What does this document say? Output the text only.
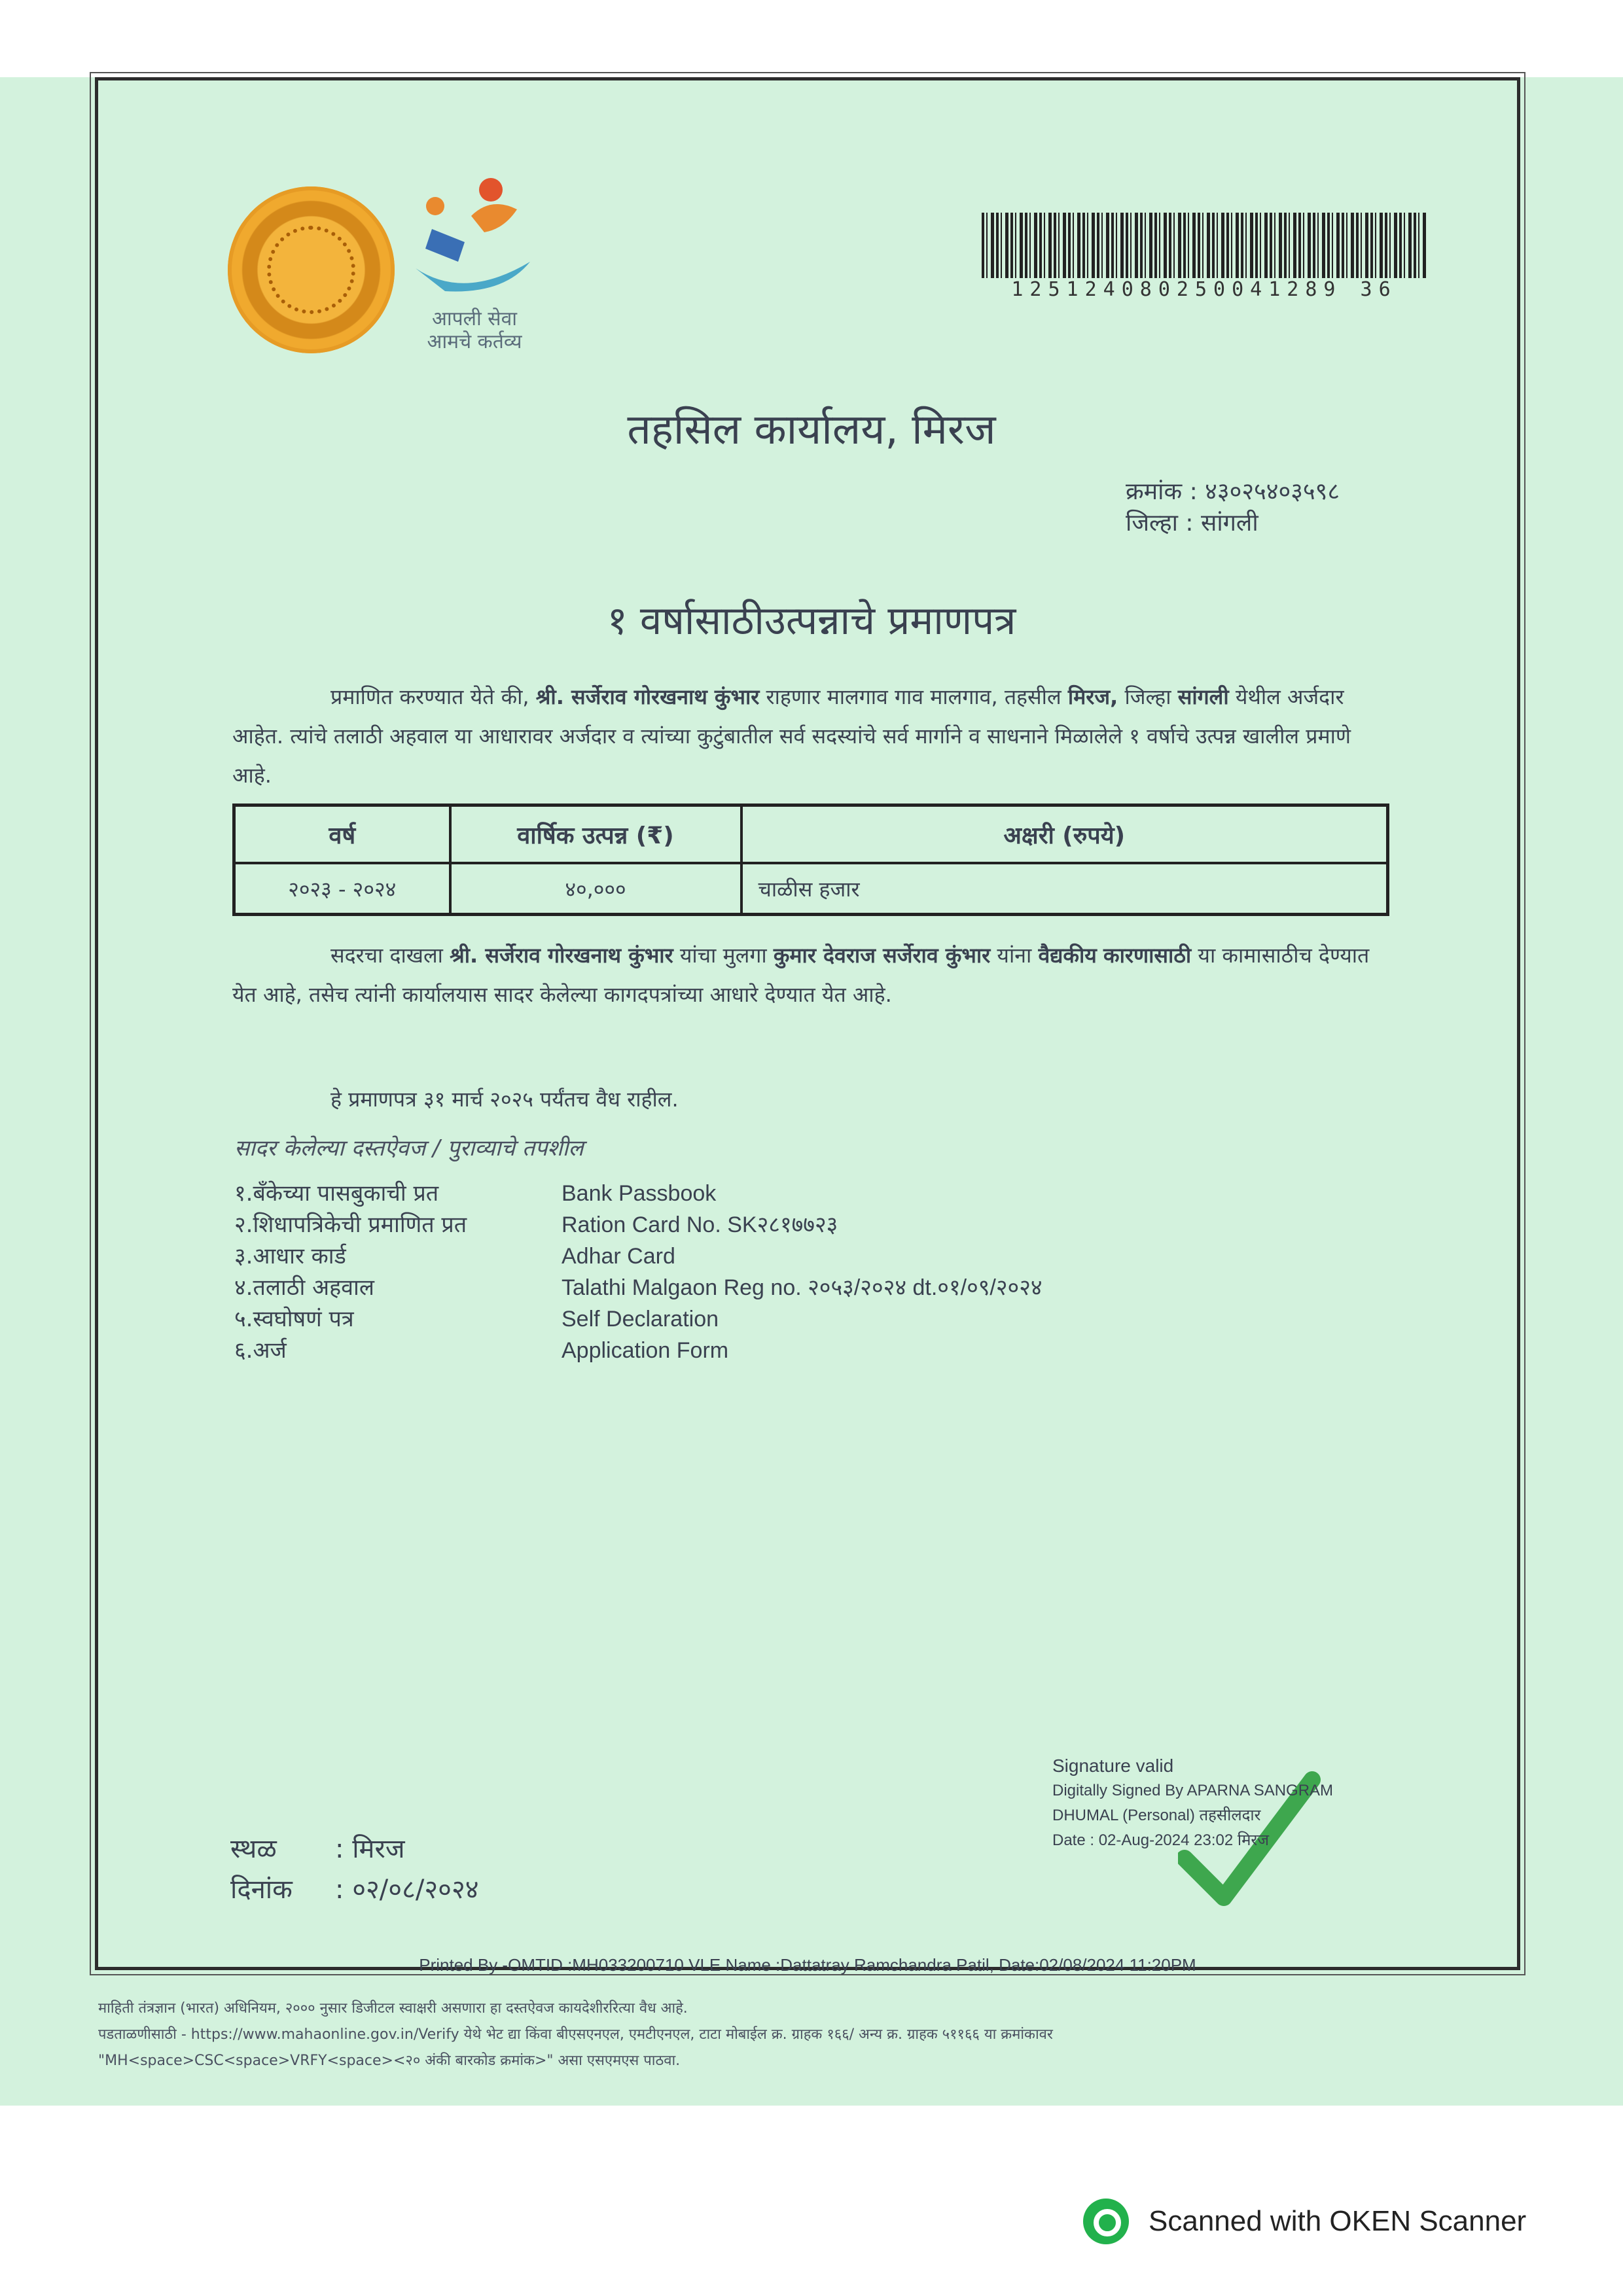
आपली सेवा
आमचे कर्तव्य
125124080250041289 36
तहसिल कार्यालय, मिरज
क्रमांक : ४३०२५४०३५९८
जिल्हा : सांगली
१ वर्षासाठीउत्पन्नाचे प्रमाणपत्र
प्रमाणित करण्यात येते की, श्री. सर्जेराव गोरखनाथ कुंभार राहणार मालगाव गाव मालगाव, तहसील मिरज, जिल्हा सांगली येथील अर्जदार आहेत. त्यांचे तलाठी अहवाल या आधारावर अर्जदार व त्यांच्या कुटुंबातील सर्व सदस्यांचे सर्व मार्गाने व साधनाने मिळालेले १ वर्षाचे उत्पन्न खालील प्रमाणे आहे.
वर्ष	वार्षिक उत्पन्न (₹)	अक्षरी (रुपये)
२०२३ - २०२४	४०,०००	चाळीस हजार
सदरचा दाखला श्री. सर्जेराव गोरखनाथ कुंभार यांचा मुलगा कुमार देवराज सर्जेराव कुंभार यांना वैद्यकीय कारणासाठी या कामासाठीच देण्यात येत आहे, तसेच त्यांनी कार्यालयास सादर केलेल्या कागदपत्रांच्या आधारे देण्यात येत आहे.
हे प्रमाणपत्र ३१ मार्च २०२५ पर्यंतच वैध राहील.
सादर केलेल्या दस्तऐवज / पुराव्याचे तपशील
१.बँकेच्या पासबुकाची प्रत	Bank Passbook
२.शिधापत्रिकेची प्रमाणित प्रत	Ration Card No. SK२८१७७२३
३.आधार कार्ड	Adhar Card
४.तलाठी अहवाल	Talathi Malgaon Reg no. २०५३/२०२४ dt.०१/०९/२०२४
५.स्वघोषणं पत्र	Self Declaration
६.अर्ज	Application Form
स्थळ : मिरज
दिनांक : ०२/०८/२०२४
Signature valid
Digitally Signed By APARNA SANGRAM
DHUMAL (Personal) तहसीलदार
Date : 02-Aug-2024 23:02 मिरज
Printed By -OMTID :MH033200710 VLE Name :Dattatray Ramchandra Patil, Date:02/08/2024 11:20PM
माहिती तंत्रज्ञान (भारत) अधिनियम, २००० नुसार डिजीटल स्वाक्षरी असणारा हा दस्तऐवज कायदेशीररित्या वैध आहे.
पडताळणीसाठी - https://www.mahaonline.gov.in/Verify येथे भेट द्या किंवा बीएसएनएल, एमटीएनएल, टाटा मोबाईल क्र. ग्राहक १६६/ अन्य क्र. ग्राहक ५११६६ या क्रमांकावर
"MH<space>CSC<space>VRFY<space><२० अंकी बारकोड क्रमांक>" असा एसएमएस पाठवा.
Scanned with OKEN Scanner
